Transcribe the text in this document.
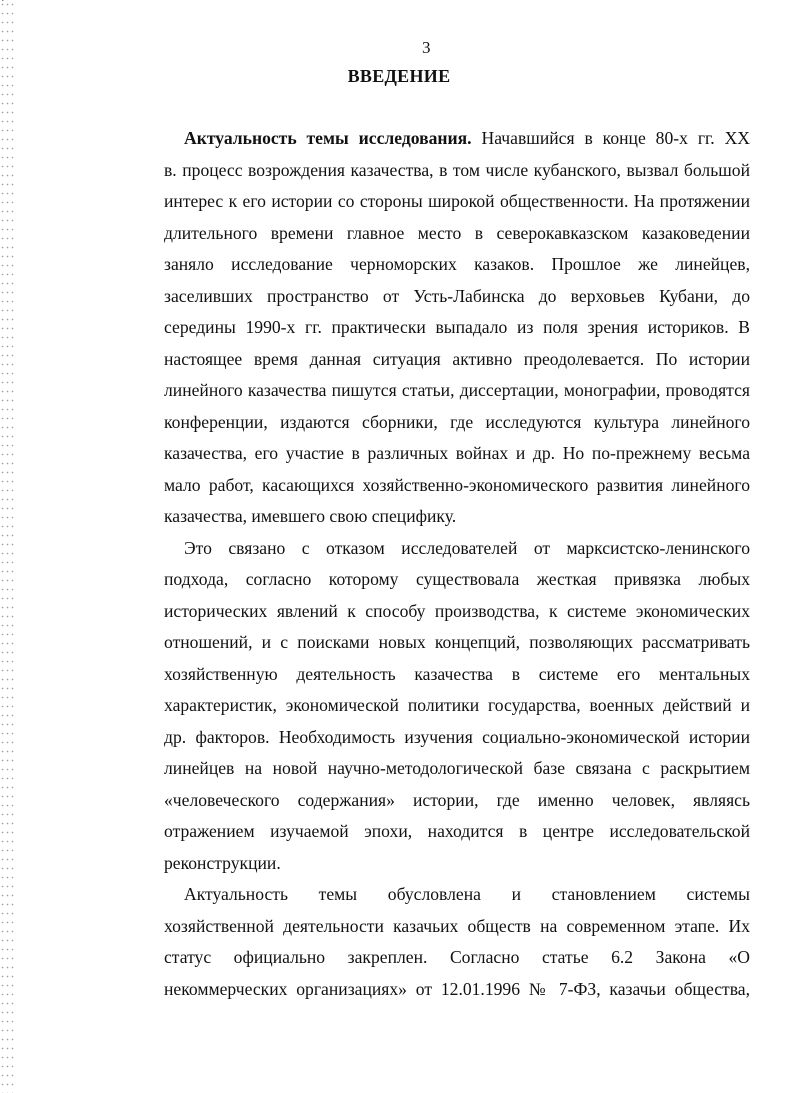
3
ВВЕДЕНИЕ
Актуальность темы исследования. Начавшийся в конце 80-х гг. XX
в. процесс возрождения казачества, в том числе кубанского, вызвал большой
интерес к его истории со стороны широкой общественности. На протяжении
длительного времени главное место в северокавказском казаковедении
заняло исследование черноморских казаков. Прошлое же линейцев,
заселивших пространство от Усть-Лабинска до верховьев Кубани, до
середины 1990-х гг. практически выпадало из поля зрения историков. В
настоящее время данная ситуация активно преодолевается. По истории
линейного казачества пишутся статьи, диссертации, монографии, проводятся
конференции, издаются сборники, где исследуются культура линейного
казачества, его участие в различных войнах и др. Но по-прежнему весьма
мало работ, касающихся хозяйственно-экономического развития линейного
казачества, имевшего свою специфику.
Это связано с отказом исследователей от марксистско-ленинского
подхода, согласно которому существовала жесткая привязка любых
исторических явлений к способу производства, к системе экономических
отношений, и с поисками новых концепций, позволяющих рассматривать
хозяйственную деятельность казачества в системе его ментальных
характеристик, экономической политики государства, военных действий и
др. факторов. Необходимость изучения социально-экономической истории
линейцев на новой научно-методологической базе связана с раскрытием
«человеческого содержания» истории, где именно человек, являясь
отражением изучаемой эпохи, находится в центре исследовательской
реконструкции.
Актуальность темы обусловлена и становлением системы
хозяйственной деятельности казачьих обществ на современном этапе. Их
статус официально закреплен. Согласно статье 6.2 Закона «О
некоммерческих организациях» от 12.01.1996 № 7-ФЗ, казачьи общества,
